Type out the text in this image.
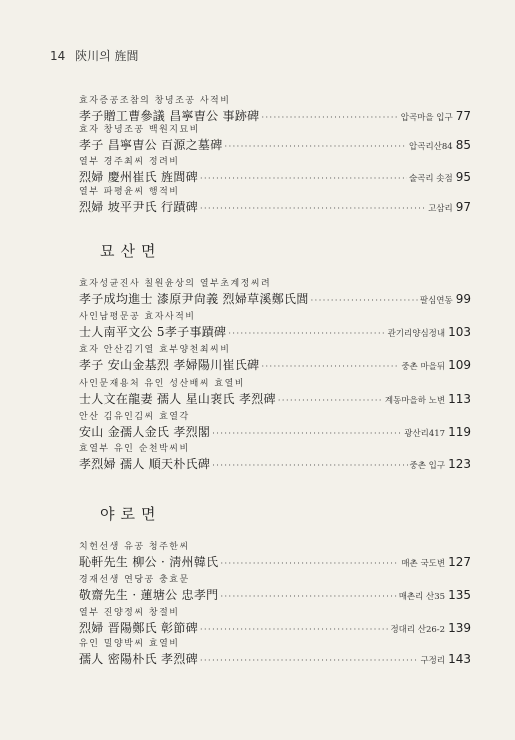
14 陝川의 旌閭
효자증공조참의 창녕조공 사적비
孝子贈工曹參議 昌寧曺公 事跡碑 ·····	압곡마을 입구 77
효자 창녕조공 백원지묘비
孝子 昌寧曺公 百源之墓碑 ·····	압곡리산84 85
열부 경주최씨 정려비
烈婦 慶州崔氏 旌閭碑 ·····	술곡리 솟점 95
열부 파평윤씨 행적비
烈婦 坡平尹氏 行蹟碑 ·····	고삼리 97
묘산면
효자성균진사 칠원윤상의 열부초계정씨려
孝子成均進士 漆原尹尙義 烈婦草溪鄭氏閭 ·····	팔심연동 99
사인남평문공 효자사적비
士人南平文公 5孝子事蹟碑 ·····	관기리양심정내 103
효자 안산김기열 효부양천최씨비
孝子 安山金基烈 孝婦陽川崔氏碑 ·····	중촌 마을뒤 109
사인문재용처 유인 성산배씨 효열비
士人文在龍妻 孺人 星山裵氏 孝烈碑 ·····	계동마을하 노변 113
안산 김유인김씨 효열각
安山 金孺人金氏 孝烈閣 ·····	광산리417 119
효열부 유인 순천박씨비
孝烈婦 孺人 順天朴氏碑 ·····	중촌 입구 123
야로면
치헌선생 유공 청주한씨
恥軒先生 柳公 · 淸州韓氏 ·····	매촌 국도변 127
경재선생 연당공 충효문
敬齋先生 · 蓮塘公 忠孝門 ·····	매촌리 산35 135
열부 진양정씨 창절비
烈婦 晋陽鄭氏 彰節碑 ·····	정대리 산26-2 139
유인 밀양박씨 효열비
孺人 密陽朴氏 孝烈碑 ·····	구정리 143
